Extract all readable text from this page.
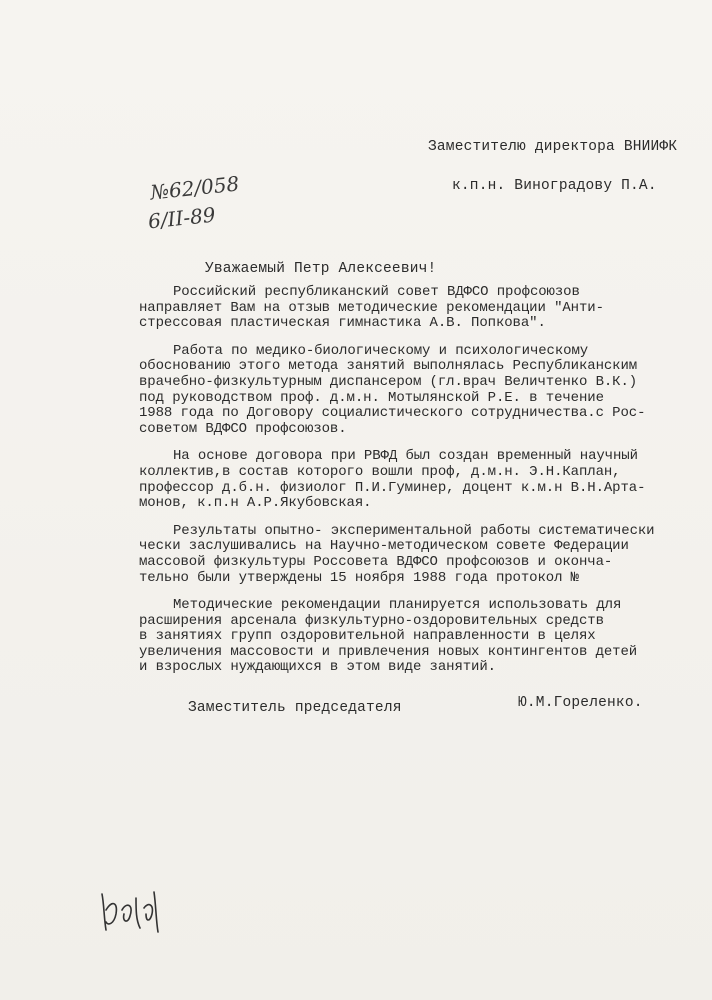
Заместителю директора ВНИИФК
к.п.н. Виноградову П.А.
№62/058
6/II-89
Уважаемый Петр Алексеевич!

Российский республиканский совет ВДФСО профсоюзов
направляет Вам на отзыв методические рекомендации "Анти-
стрессовая пластическая гимнастика А.В. Попкова".

Работа по медико-биологическому и психологическому
обоснованию этого метода занятий выполнялась Республиканским
врачебно-физкультурным диспансером (гл.врач Величтенко В.К.)
под руководством проф. д.м.н. Мотылянской Р.Е. в течение
1988 года по Договору социалистического сотрудничества.с Рос-
советом ВДФСО профсоюзов.

На основе договора при РВФД был создан временный научный
коллектив,в состав которого вошли проф, д.м.н. Э.Н.Каплан,
профессор д.б.н. физиолог П.И.Гуминер, доцент к.м.н В.Н.Арта-
монов, к.п.н А.Р.Якубовская.

Результаты опытно- экспериментальной работы систематически
чески заслушивались на Научно-методическом совете Федерации
массовой физкультуры Россовета ВДФСО профсоюзов и оконча-
тельно были утверждены 15 ноября 1988 года протокол №

Методические рекомендации планируется использовать для
расширения арсенала физкультурно-оздоровительных средств
в занятиях групп оздоровительной направленности в целях
увеличения массовости и привлечения новых контингентов детей
и взрослых нуждающихся в этом виде занятий.

Заместитель председателя	Ю.М.Гореленко.
